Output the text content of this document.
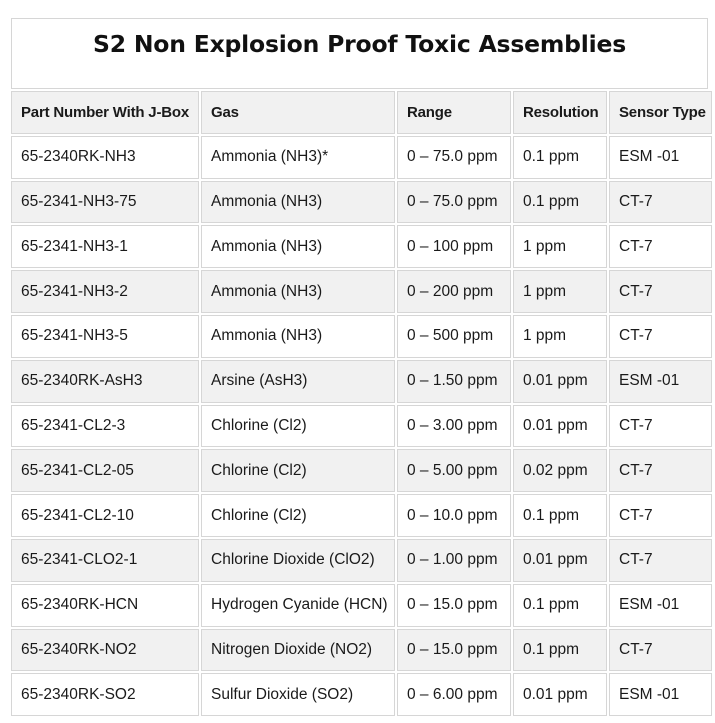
S2 Non Explosion Proof Toxic Assemblies
Part Number With J-Box	Gas	Range	Resolution	Sensor Type
65-2340RK-NH3	Ammonia (NH3)*	0 – 75.0 ppm	0.1 ppm	ESM -01
65-2341-NH3-75	Ammonia (NH3)	0 – 75.0 ppm	0.1 ppm	CT-7
65-2341-NH3-1	Ammonia (NH3)	0 – 100 ppm	1 ppm	CT-7
65-2341-NH3-2	Ammonia (NH3)	0 – 200 ppm	1 ppm	CT-7
65-2341-NH3-5	Ammonia (NH3)	0 – 500 ppm	1 ppm	CT-7
65-2340RK-AsH3	Arsine (AsH3)	0 – 1.50 ppm	0.01 ppm	ESM -01
65-2341-CL2-3	Chlorine (Cl2)	0 – 3.00 ppm	0.01 ppm	CT-7
65-2341-CL2-05	Chlorine (Cl2)	0 – 5.00 ppm	0.02 ppm	CT-7
65-2341-CL2-10	Chlorine (Cl2)	0 – 10.0 ppm	0.1 ppm	CT-7
65-2341-CLO2-1	Chlorine Dioxide (ClO2)	0 – 1.00 ppm	0.01 ppm	CT-7
65-2340RK-HCN	Hydrogen Cyanide (HCN)	0 – 15.0 ppm	0.1 ppm	ESM -01
65-2340RK-NO2	Nitrogen Dioxide (NO2)	0 – 15.0 ppm	0.1 ppm	CT-7
65-2340RK-SO2	Sulfur Dioxide (SO2)	0 – 6.00 ppm	0.01 ppm	ESM -01
